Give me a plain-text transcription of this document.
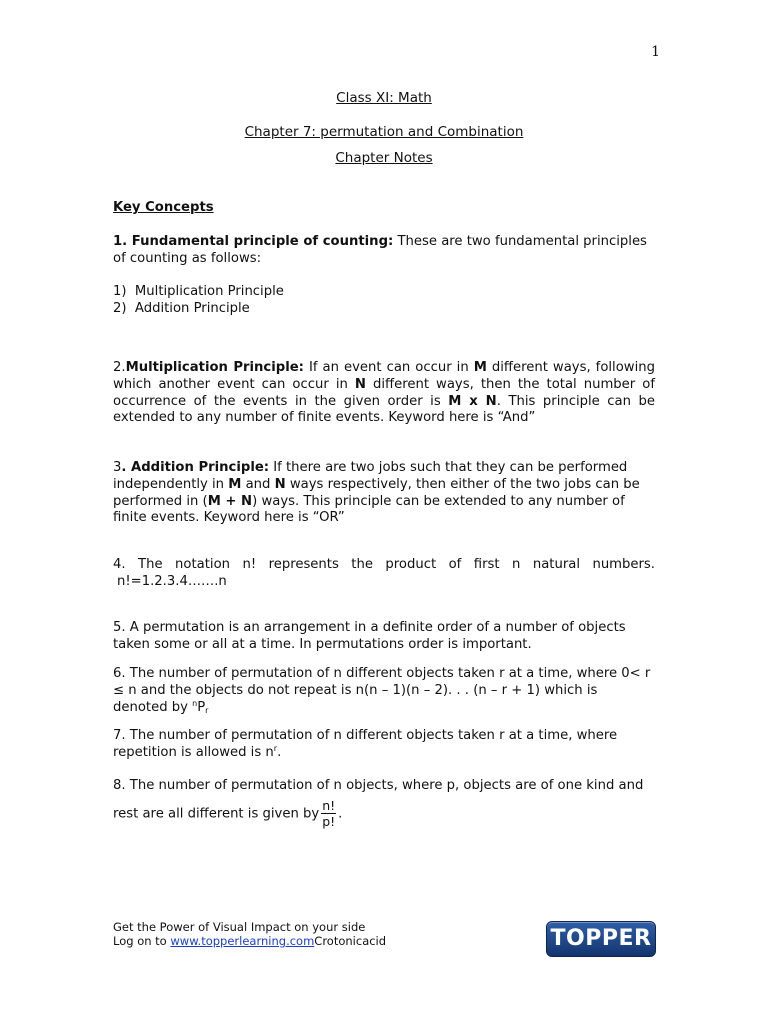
1
Class XI: Math
Chapter 7: permutation and Combination
Chapter Notes
Key Concepts
1. Fundamental principle of counting: These are two fundamental principles of counting as follows:
1)  Multiplication Principle
2)  Addition Principle
2.Multiplication Principle: If an event can occur in M different ways, following which another event can occur in N different ways, then the total number of occurrence of the events in the given order is M x N. This principle can be extended to any number of finite events. Keyword here is “And”
3. Addition Principle: If there are two jobs such that they can be performed independently in M and N ways respectively, then either of the two jobs can be performed in (M + N) ways. This principle can be extended to any number of finite events. Keyword here is “OR”
4. The notation n! represents the product of first n natural numbers.
n!=1.2.3.4…….n
5. A permutation is an arrangement in a definite order of a number of objects taken some or all at a time. In permutations order is important.
6. The number of permutation of n different objects taken r at a time, where 0< r ≤ n and the objects do not repeat is n(n – 1)(n – 2). . . (n – r + 1) which is denoted by $^nP_r$
7. The number of permutation of n different objects taken r at a time, where repetition is allowed is $n^r$.
8. The number of permutation of n objects, where p, objects are of one kind and rest are all different is given by $\frac{n!}{p!}$ .
Get the Power of Visual Impact on your side
Log on to www.topperlearning.comCrotonicacid	TOPPER
